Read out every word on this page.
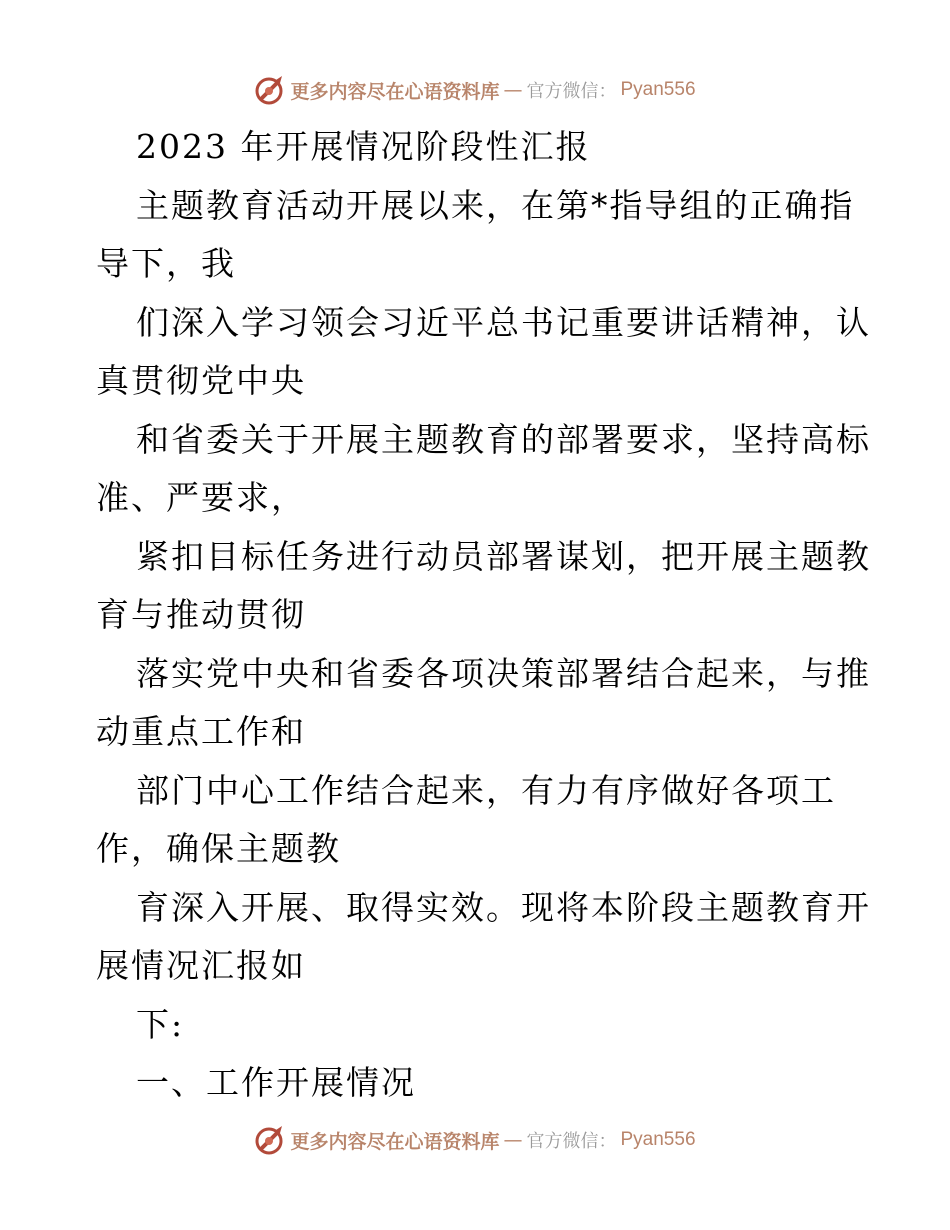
更多内容尽在心语资料库 — 官方微信： Pyan556
2023 年开展情况阶段性汇报
主题教育活动开展以来，在第*指导组的正确指
导下，我
们深入学习领会习近平总书记重要讲话精神，认
真贯彻党中央
和省委关于开展主题教育的部署要求，坚持高标
准、严要求，
紧扣目标任务进行动员部署谋划，把开展主题教
育与推动贯彻
落实党中央和省委各项决策部署结合起来，与推
动重点工作和
部门中心工作结合起来，有力有序做好各项工
作，确保主题教
育深入开展、取得实效。现将本阶段主题教育开
展情况汇报如
下:
一、工作开展情况
更多内容尽在心语资料库 — 官方微信： Pyan556
